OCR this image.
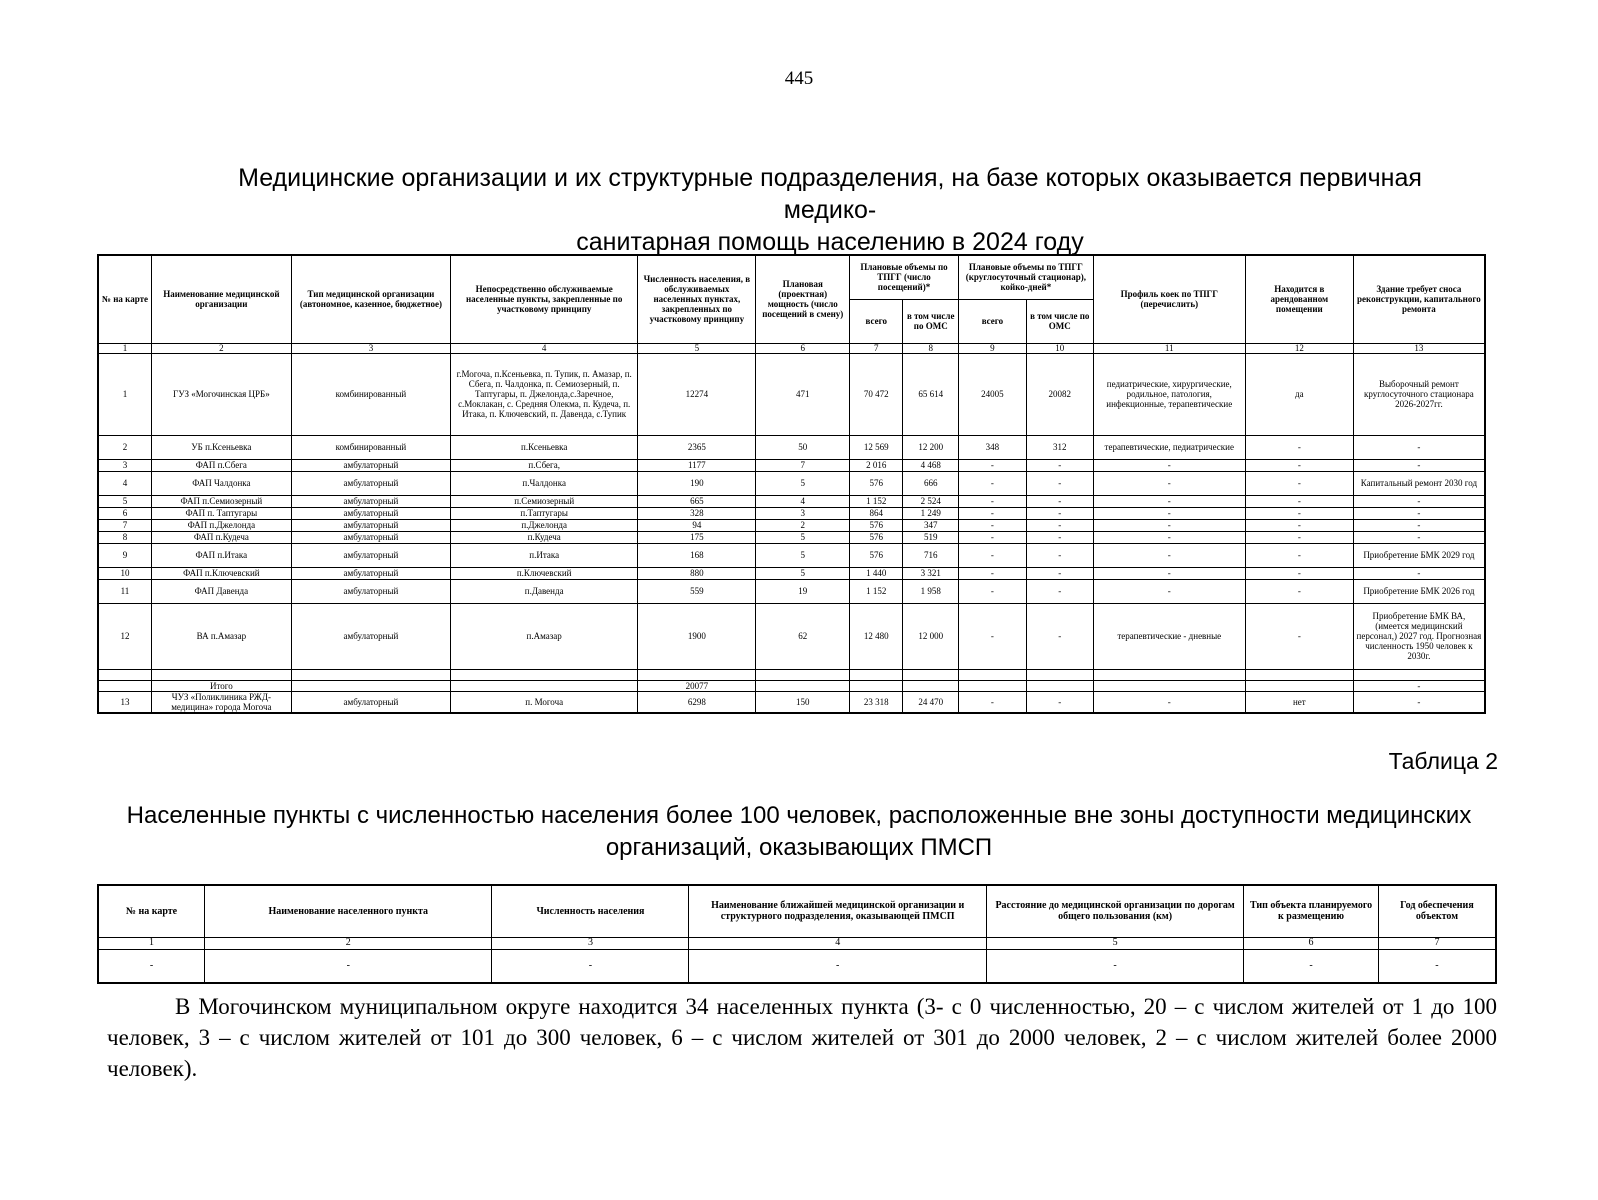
445
Медицинские организации и их структурные подразделения, на базе которых оказывается первичная медико-
санитарная помощь населению в 2024 году
№ на карте	Наименование медицинской организации	Тип медицинской организации (автономное, казенное, бюджетное)	Непосредственно обслуживаемые населенные пункты, закрепленные по участковому принципу	Численность населения, в обслуживаемых населенных пунктах, закрепленных по участковому принципу	Плановая (проектная) мощность (число посещений в смену)	Плановые объемы по ТПГГ (число посещений)*		Плановые объемы по ТПГГ (круглосуточный стационар), койко-дней*		Профиль коек по ТПГГ (перечислить)	Находится в арендованном помещении	Здание требует сноса реконструкции, капитального ремонта
						всего	в том числе по ОМС	всего	в том числе по ОМС			
1	2	3	4	5	6	7	8	9	10	11	12	13
1	ГУЗ «Могочинская ЦРБ»	комбинированный	г.Могоча, п.Ксеньевка, п. Тупик, п. Амазар, п. Сбега, п. Чалдонка, п. Семиозерный, п. Таптугары, п. Джелонда,с.Заречное, с.Моклакан, с. Средняя Олекма, п. Кудеча, п. Итака, п. Ключевский, п. Давенда, с.Тупик	12274	471	70 472	65 614	24005	20082	педиатрические, хирургические, родильное, патология, инфекционные, терапевтические	да	Выборочный ремонт круглосуточного стационара 2026-2027гг.
2	УБ п.Ксеньевка	комбинированный	п.Ксеньевка	2365	50	12 569	12 200	348	312	терапевтические, педиатрические	-	-
3	ФАП п.Сбега	амбулаторный	п.Сбега,	1177	7	2 016	4 468	-	-	-	-	-
4	ФАП Чалдонка	амбулаторный	п.Чалдонка	190	5	576	666	-	-	-	-	Капитальный ремонт 2030 год
5	ФАП п.Семиозерный	амбулаторный	п.Семиозерный	665	4	1 152	2 524	-	-	-	-	-
6	ФАП п. Таптугары	амбулаторный	п.Таптугары	328	3	864	1 249	-	-	-	-	-
7	ФАП п.Джелонда	амбулаторный	п.Джелонда	94	2	576	347	-	-	-	-	-
8	ФАП п.Кудеча	амбулаторный	п.Кудеча	175	5	576	519	-	-	-	-	-
9	ФАП п.Итака	амбулаторный	п.Итака	168	5	576	716	-	-	-	-	Приобретение БМК 2029 год
10	ФАП п.Ключевский	амбулаторный	п.Ключевский	880	5	1 440	3 321	-	-	-	-	-
11	ФАП Давенда	амбулаторный	п.Давенда	559	19	1 152	1 958	-	-	-	-	Приобретение БМК 2026 год
12	ВА п.Амазар	амбулаторный	п.Амазар	1900	62	12 480	12 000	-	-	терапевтические - дневные	-	Приобретение БМК ВА,(имеется медицинский персонал,) 2027 год. Прогнозная численность 1950 человек к 2030г.

	Итого			20077								-
13	ЧУЗ «Поликлиника РЖД-медицина» города Могоча	амбулаторный	п. Могоча	6298	150	23 318	24 470	-	-	-	нет	-
Таблица 2
Населенные пункты с численностью населения более 100 человек, расположенные вне зоны доступности медицинских
организаций, оказывающих ПМСП
№ на карте	Наименование населенного пункта	Численность населения	Наименование ближайшей медицинской организации и структурного подразделения, оказывающей ПМСП	Расстояние до медицинской организации по дорогам общего пользования (км)	Тип объекта планируемого к размещению	Год обеспечения объектом
1	2	3	4	5	6	7
-	-	-	-	-	-	-
В Могочинском муниципальном округе находится 34 населенных пункта (3- с 0 численностью, 20 – с числом жителей от 1 до 100 человек, 3 – с числом жителей от 101 до 300 человек, 6 – с числом жителей от 301 до 2000 человек, 2 – с числом жителей более 2000 человек).
